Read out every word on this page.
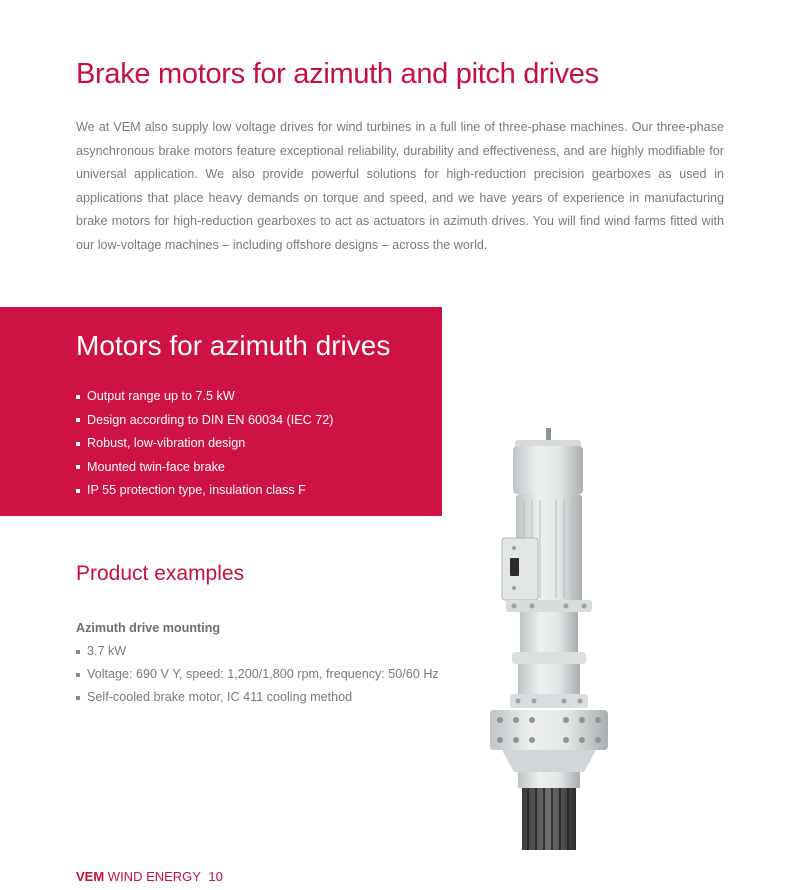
Brake motors for azimuth and pitch drives

We at VEM also supply low voltage drives for wind turbines in a full line of three-phase machines. Our three-phase asynchronous brake motors feature exceptional reliability, durability and effectiveness, and are highly modifiable for universal application. We also provide powerful solutions for high-reduction precision gearboxes as used in applications that place heavy demands on torque and speed, and we have years of experience in manufacturing brake motors for high-reduction gearboxes to act as actuators in azimuth drives. You will find wind farms fitted with our low-voltage machines – including offshore designs – across the world.

Motors for azimuth drives
Output range up to 7.5 kW
Design according to DIN EN 60034 (IEC 72)
Robust, low-vibration design
Mounted twin-face brake
IP 55 protection type, insulation class F
Product examples
Azimuth drive mounting
3.7 kW
Voltage: 690 V Y, speed: 1,200/1,800 rpm, frequency: 50/60 Hz
Self-cooled brake motor, IC 411 cooling method
VEM WIND ENERGY 10
